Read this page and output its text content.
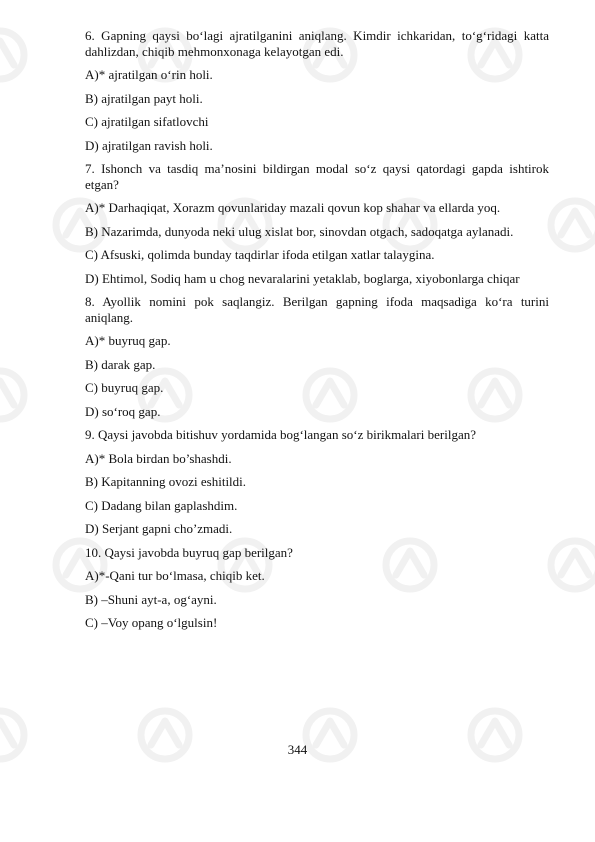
6. Gapning qaysi bo‘lagi ajratilganini aniqlang. Kimdir ichkaridan, to‘g‘ridagi katta dahlizdan, chiqib mehmonxonaga kelayotgan edi.

A)* ajratilgan o‘rin holi.

B) ajratilgan payt holi.

C) ajratilgan sifatlovchi

D) ajratilgan ravish holi.

7. Ishonch va tasdiq ma’nosini bildirgan modal so‘z qaysi qatordagi gapda ishtirok etgan?

A)* Darhaqiqat, Xorazm qovunlariday mazali qovun kop shahar va ellarda yoq.

B) Nazarimda, dunyoda neki ulug xislat bor, sinovdan otgach, sadoqatga aylanadi.

C) Afsuski, qolimda bunday taqdirlar ifoda etilgan xatlar talaygina.

D) Ehtimol, Sodiq ham u chog nevaralarini yetaklab, boglarga, xiyobonlarga chiqar

8. Ayollik nomini pok saqlangiz. Berilgan gapning ifoda maqsadiga ko‘ra turini aniqlang.

A)* buyruq gap.

B) darak gap.

C) buyruq gap.

D) so‘roq gap.

9. Qaysi javobda bitishuv yordamida bog‘langan so‘z birikmalari berilgan?

A)* Bola birdan bo’shashdi.

B) Kapitanning ovozi eshitildi.

C) Dadang bilan gaplashdim.

D) Serjant gapni cho’zmadi.

10. Qaysi javobda buyruq gap berilgan?

A)*-Qani tur bo‘lmasa, chiqib ket.

B) –Shuni ayt-a, og‘ayni.

C) –Voy opang o‘lgulsin!

344
